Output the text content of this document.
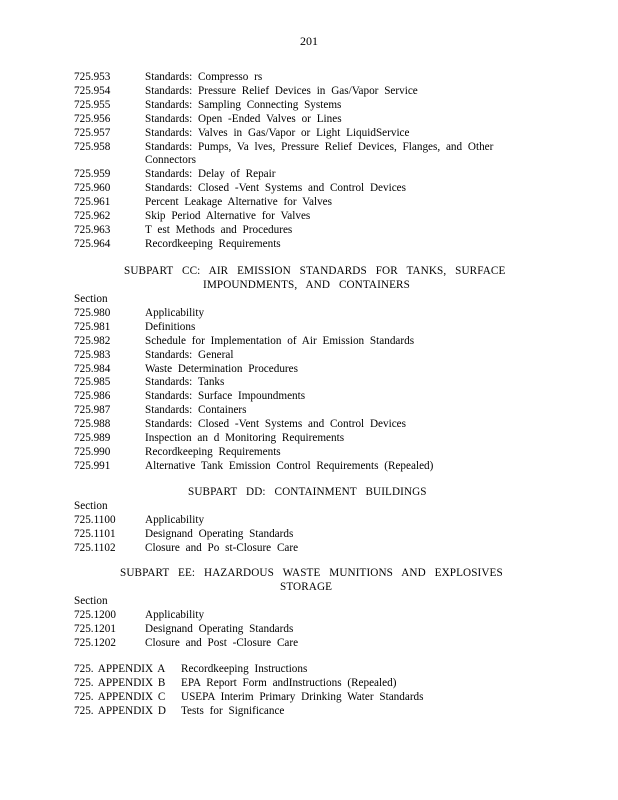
201
725.953	Standards: Compresso rs
725.954	Standards: Pressure Relief Devices in Gas/Vapor Service
725.955	Standards: Sampling Connecting Systems
725.956	Standards: Open -Ended Valves or Lines
725.957	Standards: Valves in Gas/Vapor or Light LiquidService
725.958	Standards: Pumps, Va lves, Pressure Relief Devices, Flanges, and Other Connectors
725.959	Standards: Delay of Repair
725.960	Standards: Closed -Vent Systems and Control Devices
725.961	Percent Leakage Alternative for Valves
725.962	Skip Period Alternative for Valves
725.963	T est Methods and Procedures
725.964	Recordkeeping Requirements
SUBPART CC: AIR EMISSION STANDARDS FOR TANKS, SURFACE
IMPOUNDMENTS, AND CONTAINERS
Section
725.980	Applicability
725.981	Definitions
725.982	Schedule for Implementation of Air Emission Standards
725.983	Standards: General
725.984	Waste Determination Procedures
725.985	Standards: Tanks
725.986	Standards: Surface Impoundments
725.987	Standards: Containers
725.988	Standards: Closed -Vent Systems and Control Devices
725.989	Inspection an d Monitoring Requirements
725.990	Recordkeeping Requirements
725.991	Alternative Tank Emission Control Requirements (Repealed)
SUBPART DD: CONTAINMENT BUILDINGS
Section
725.1100	Applicability
725.1101	Designand Operating Standards
725.1102	Closure and Po st-Closure Care
SUBPART EE: HAZARDOUS WASTE MUNITIONS AND EXPLOSIVES
STORAGE
Section
725.1200	Applicability
725.1201	Designand Operating Standards
725.1202	Closure and Post -Closure Care
725. APPENDIX A Recordkeeping Instructions
725. APPENDIX B EPA Report Form andInstructions (Repealed)
725. APPENDIX C USEPA Interim Primary Drinking Water Standards
725. APPENDIX D Tests for Significance
